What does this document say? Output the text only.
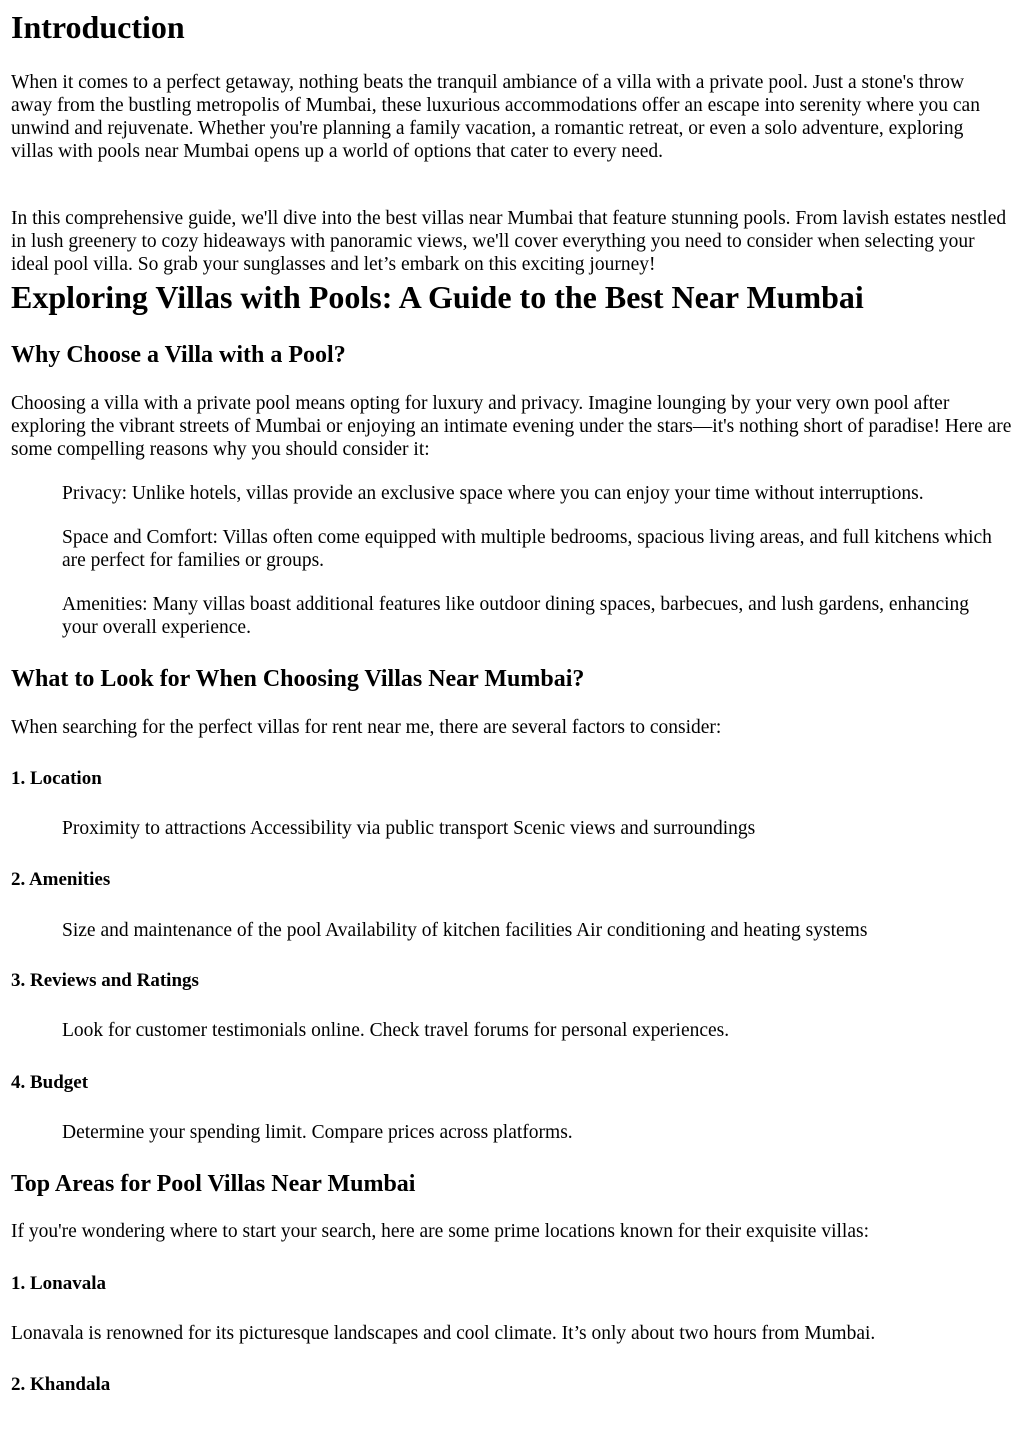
Introduction

When it comes to a perfect getaway, nothing beats the tranquil ambiance of a villa with a private pool. Just a stone's throw away from the bustling metropolis of Mumbai, these luxurious accommodations offer an escape into serenity where you can unwind and rejuvenate. Whether you're planning a family vacation, a romantic retreat, or even a solo adventure, exploring villas with pools near Mumbai opens up a world of options that cater to every need.

In this comprehensive guide, we'll dive into the best villas near Mumbai that feature stunning pools. From lavish estates nestled in lush greenery to cozy hideaways with panoramic views, we'll cover everything you need to consider when selecting your ideal pool villa. So grab your sunglasses and let’s embark on this exciting journey!

Exploring Villas with Pools: A Guide to the Best Near Mumbai
Why Choose a Villa with a Pool?

Choosing a villa with a private pool means opting for luxury and privacy. Imagine lounging by your very own pool after exploring the vibrant streets of Mumbai or enjoying an intimate evening under the stars—it's nothing short of paradise! Here are some compelling reasons why you should consider it:

Privacy: Unlike hotels, villas provide an exclusive space where you can enjoy your time without interruptions.

Space and Comfort: Villas often come equipped with multiple bedrooms, spacious living areas, and full kitchens which are perfect for families or groups.

Amenities: Many villas boast additional features like outdoor dining spaces, barbecues, and lush gardens, enhancing your overall experience.

What to Look for When Choosing Villas Near Mumbai?

When searching for the perfect villas for rent near me, there are several factors to consider:

1. Location

Proximity to attractions Accessibility via public transport Scenic views and surroundings

2. Amenities

Size and maintenance of the pool Availability of kitchen facilities Air conditioning and heating systems

3. Reviews and Ratings

Look for customer testimonials online. Check travel forums for personal experiences.

4. Budget

Determine your spending limit. Compare prices across platforms.

Top Areas for Pool Villas Near Mumbai

If you're wondering where to start your search, here are some prime locations known for their exquisite villas:

1. Lonavala

Lonavala is renowned for its picturesque landscapes and cool climate. It’s only about two hours from Mumbai.

2. Khandala
